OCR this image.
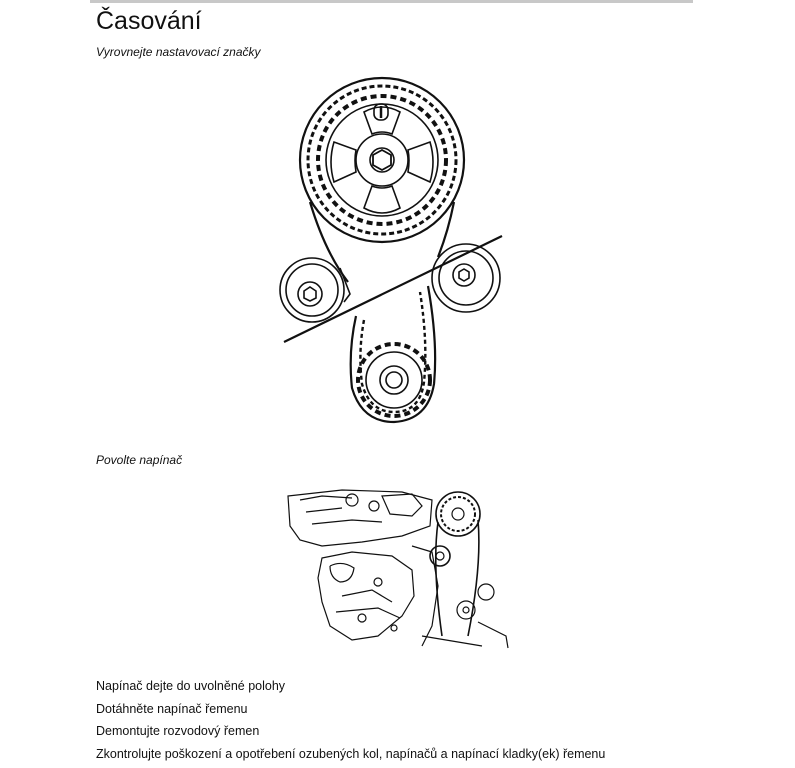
Časování

Vyrovnejte nastavovací značky

Povolte napínač

Napínač dejte do uvolněné polohy
Dotáhněte napínač řemenu
Demontujte rozvodový řemen
Zkontrolujte poškození a opotřebení ozubených kol, napínačů a napínací kladky(ek) řemenu
